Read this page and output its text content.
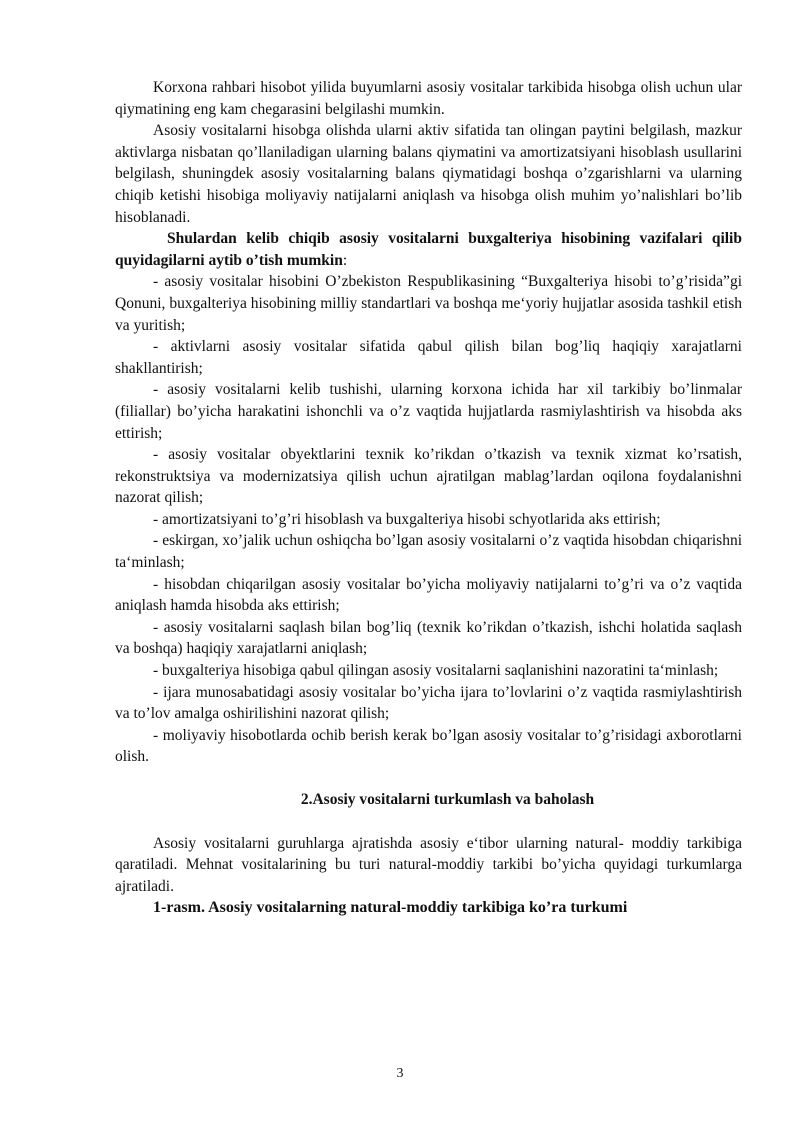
Korxona rahbari hisobot yilida buyumlarni asosiy vositalar tarkibida hisobga olish uchun ular qiymatining eng kam chegarasini belgilashi mumkin.

Asosiy vositalarni hisobga olishda ularni aktiv sifatida tan olingan paytini belgilash, mazkur aktivlarga nisbatan qo’llaniladigan ularning balans qiymatini va amortizatsiyani hisoblash usullarini belgilash, shuningdek asosiy vositalarning balans qiymatidagi boshqa o’zgarishlarni va ularning chiqib ketishi hisobiga moliyaviy natijalarni aniqlash va hisobga olish muhim yo’nalishlari bo’lib hisoblanadi.

Shulardan kelib chiqib asosiy vositalarni buxgalteriya hisobining vazifalari qilib quyidagilarni aytib o’tish mumkin:

- asosiy vositalar hisobini O’zbekiston Respublikasining “Buxgalteriya hisobi to’g’risida”gi Qonuni, buxgalteriya hisobining milliy standartlari va boshqa me‘yoriy hujjatlar asosida tashkil etish va yuritish;

- aktivlarni asosiy vositalar sifatida qabul qilish bilan bog’liq haqiqiy xarajatlarni shakllantirish;

- asosiy vositalarni kelib tushishi, ularning korxona ichida har xil tarkibiy bo’linmalar (filiallar) bo’yicha harakatini ishonchli va o’z vaqtida hujjatlarda rasmiylashtirish va hisobda aks ettirish;

- asosiy vositalar obyektlarini texnik ko’rikdan o’tkazish va texnik xizmat ko’rsatish, rekonstruktsiya va modernizatsiya qilish uchun ajratilgan mablag’lardan oqilona foydalanishni nazorat qilish;

- amortizatsiyani to’g’ri hisoblash va buxgalteriya hisobi schyotlarida aks ettirish;

- eskirgan, xo’jalik uchun oshiqcha bo’lgan asosiy vositalarni o’z vaqtida hisobdan chiqarishni ta‘minlash;

- hisobdan chiqarilgan asosiy vositalar bo’yicha moliyaviy natijalarni to’g’ri va o’z vaqtida aniqlash hamda hisobda aks ettirish;

- asosiy vositalarni saqlash bilan bog’liq (texnik ko’rikdan o’tkazish, ishchi holatida saqlash va boshqa) haqiqiy xarajatlarni aniqlash;

- buxgalteriya hisobiga qabul qilingan asosiy vositalarni saqlanishini nazoratini ta‘minlash;

- ijara munosabatidagi asosiy vositalar bo’yicha ijara to’lovlarini o’z vaqtida rasmiylashtirish va to’lov amalga oshirilishini nazorat qilish;

- moliyaviy hisobotlarda ochib berish kerak bo’lgan asosiy vositalar to’g’risidagi axborotlarni olish.

2.Asosiy vositalarni turkumlash va baholash

Asosiy vositalarni guruhlarga ajratishda asosiy e‘tibor ularning natural- moddiy tarkibiga qaratiladi. Mehnat vositalarining bu turi natural-moddiy tarkibi bo’yicha quyidagi turkumlarga ajratiladi.

1-rasm. Asosiy vositalarning natural-moddiy tarkibiga ko’ra turkumi

3
